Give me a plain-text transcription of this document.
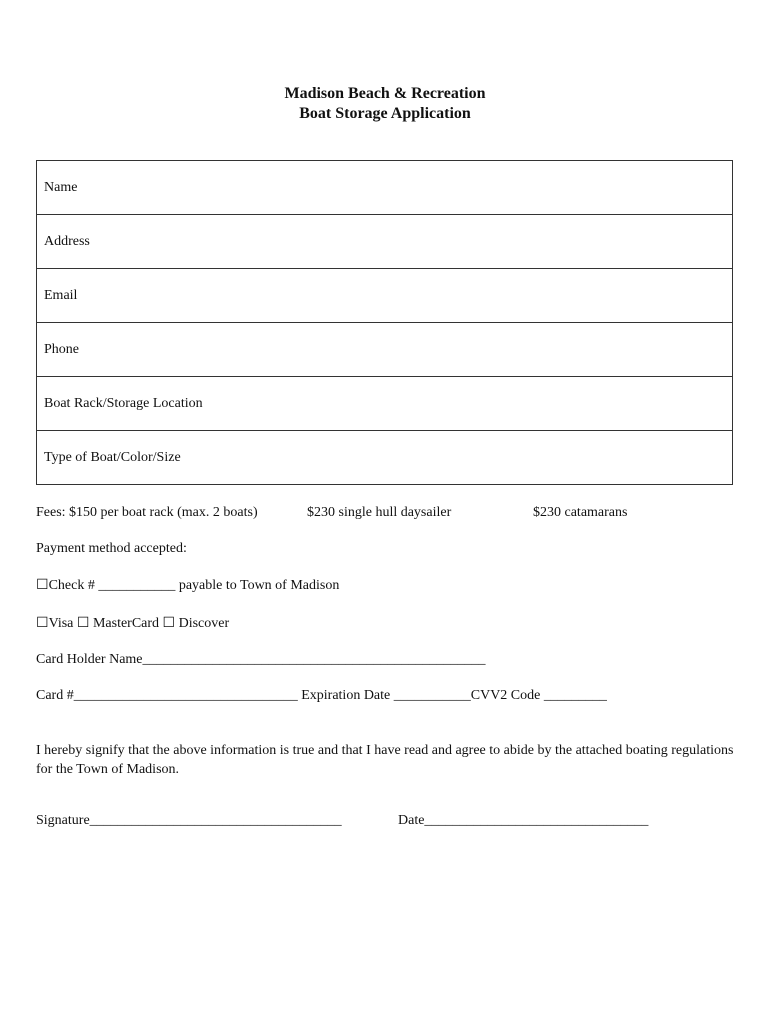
Madison Beach & Recreation
Boat Storage Application
Name
Address
Email
Phone
Boat Rack/Storage Location
Type of Boat/Color/Size
Fees: $150 per boat rack (max. 2 boats)	$230 single hull daysailer	$230 catamarans
Payment method accepted:
☐Check # ___________ payable to Town of Madison
☐Visa ☐ MasterCard ☐ Discover
Card Holder Name_________________________________________________
Card #________________________________ Expiration Date ___________CVV2 Code _________
I hereby signify that the above information is true and that I have read and agree to abide by the attached boating regulations for the Town of Madison.
Signature____________________________________	Date________________________________
